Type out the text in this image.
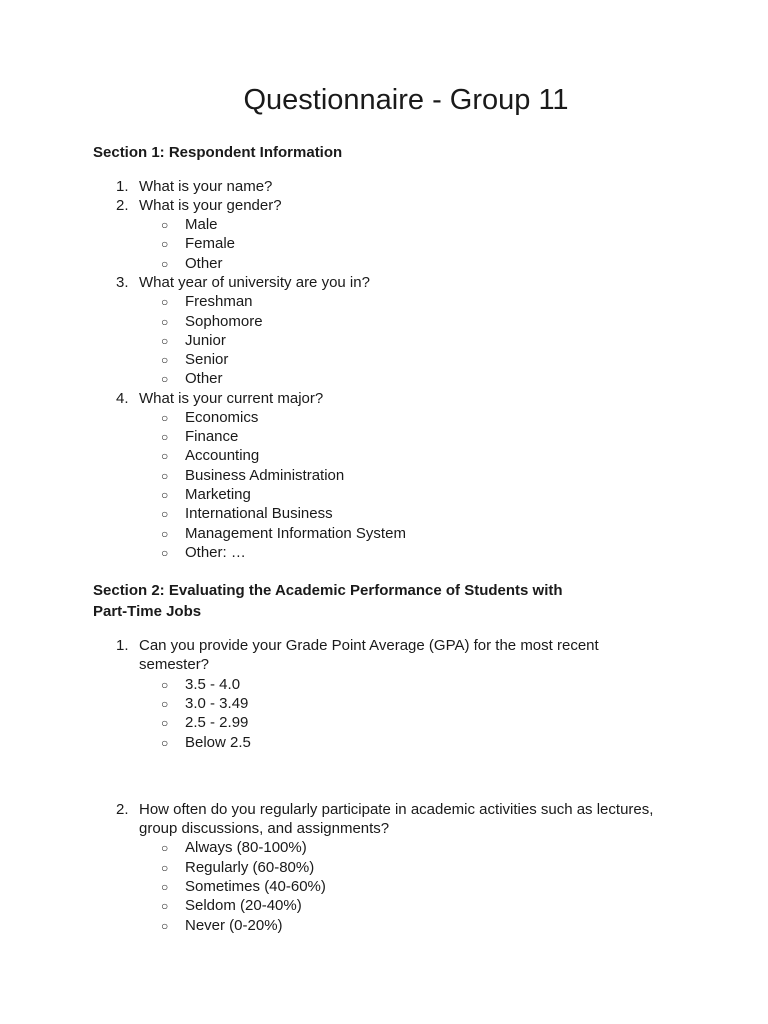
Questionnaire - Group 11
Section 1: Respondent Information
1. What is your name?
2. What is your gender?
○ Male
○ Female
○ Other
3. What year of university are you in?
○ Freshman
○ Sophomore
○ Junior
○ Senior
○ Other
4. What is your current major?
○ Economics
○ Finance
○ Accounting
○ Business Administration
○ Marketing
○ International Business
○ Management Information System
○ Other: …
Section 2: Evaluating the Academic Performance of Students with
Part-Time Jobs
1. Can you provide your Grade Point Average (GPA) for the most recent
semester?
○ 3.5 - 4.0
○ 3.0 - 3.49
○ 2.5 - 2.99
○ Below 2.5
2. How often do you regularly participate in academic activities such as lectures,
group discussions, and assignments?
○ Always (80-100%)
○ Regularly (60-80%)
○ Sometimes (40-60%)
○ Seldom (20-40%)
○ Never (0-20%)
